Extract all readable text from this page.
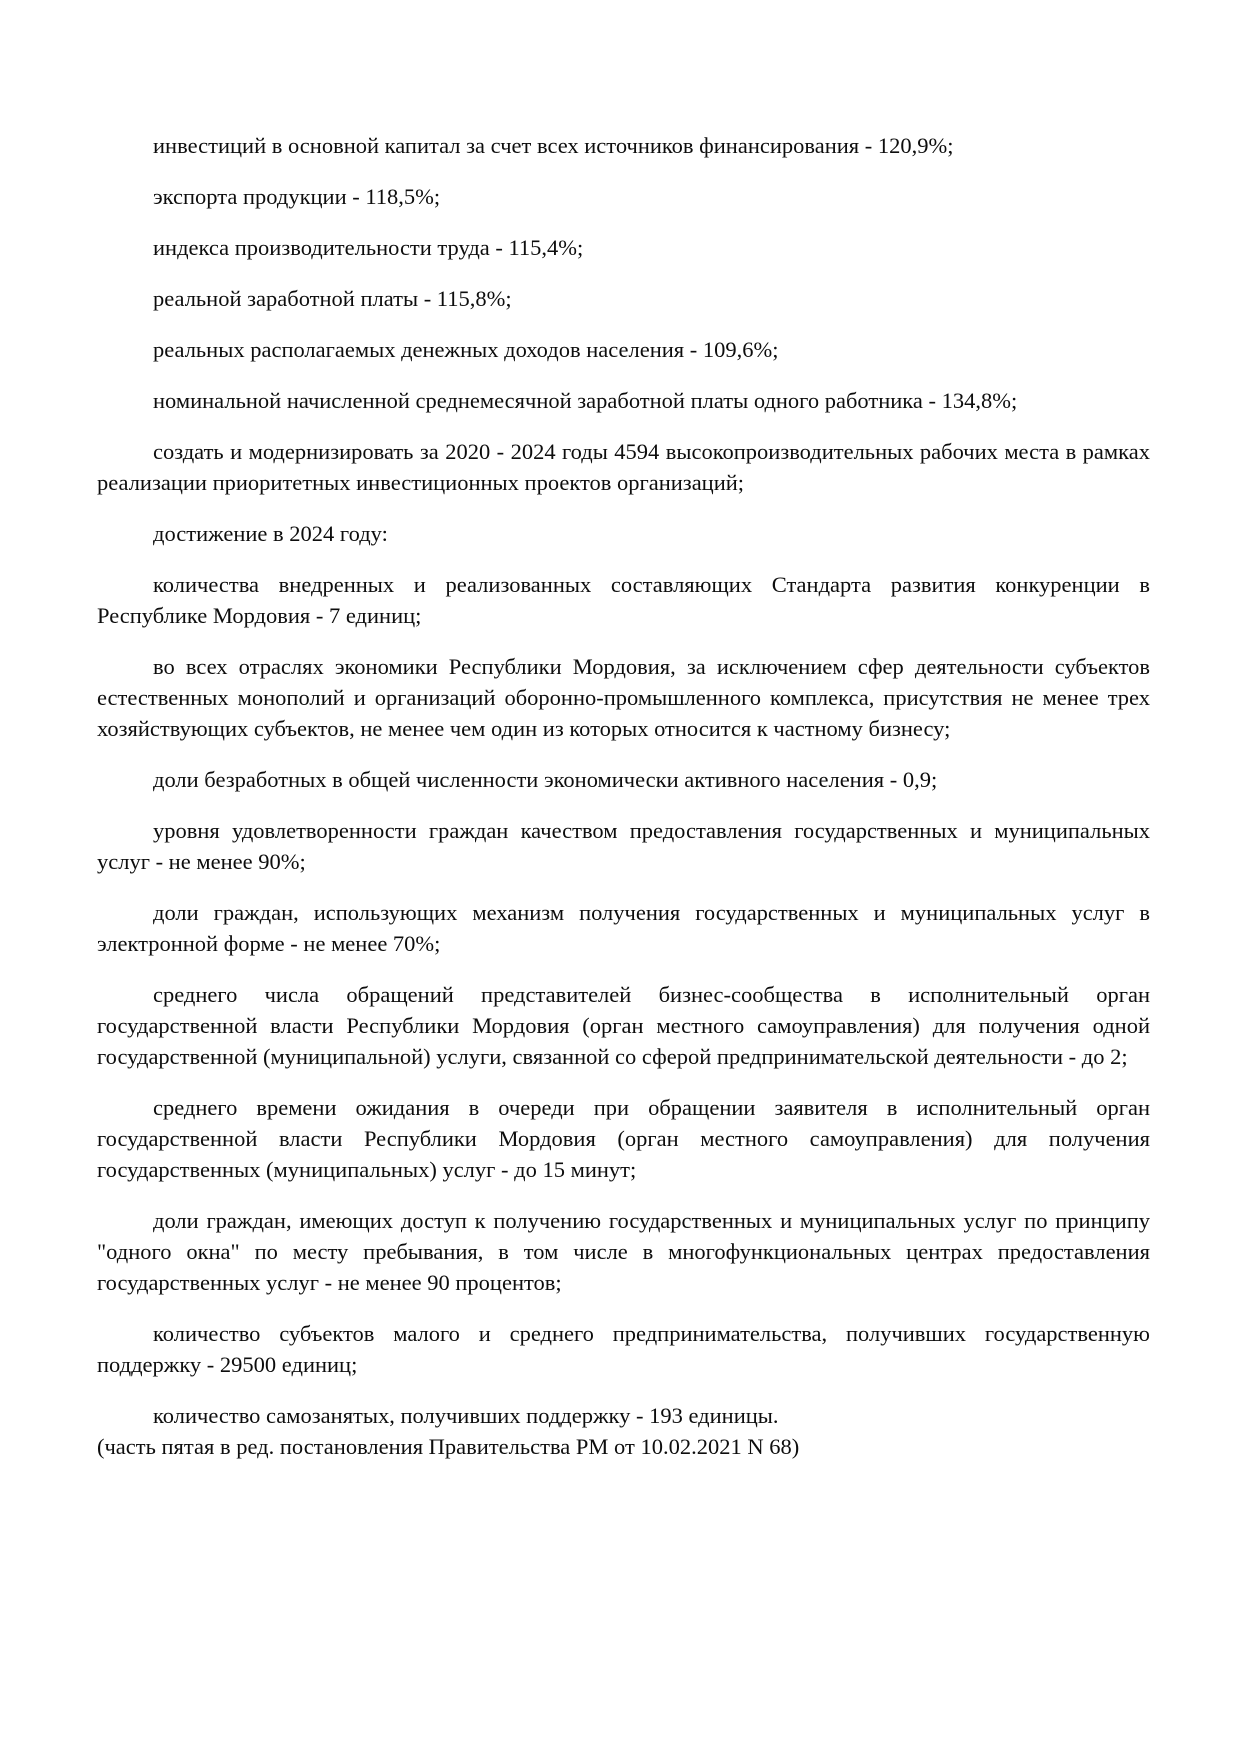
инвестиций в основной капитал за счет всех источников финансирования - 120,9%;

экспорта продукции - 118,5%;

индекса производительности труда - 115,4%;

реальной заработной платы - 115,8%;

реальных располагаемых денежных доходов населения - 109,6%;

номинальной начисленной среднемесячной заработной платы одного работника - 134,8%;

создать и модернизировать за 2020 - 2024 годы 4594 высокопроизводительных рабочих места в рамках реализации приоритетных инвестиционных проектов организаций;

достижение в 2024 году:

количества внедренных и реализованных составляющих Стандарта развития конкуренции в Республике Мордовия - 7 единиц;

во всех отраслях экономики Республики Мордовия, за исключением сфер деятельности субъектов естественных монополий и организаций оборонно-промышленного комплекса, присутствия не менее трех хозяйствующих субъектов, не менее чем один из которых относится к частному бизнесу;

доли безработных в общей численности экономически активного населения - 0,9;

уровня удовлетворенности граждан качеством предоставления государственных и муниципальных услуг - не менее 90%;

доли граждан, использующих механизм получения государственных и муниципальных услуг в электронной форме - не менее 70%;

среднего числа обращений представителей бизнес-сообщества в исполнительный орган государственной власти Республики Мордовия (орган местного самоуправления) для получения одной государственной (муниципальной) услуги, связанной со сферой предпринимательской деятельности - до 2;

среднего времени ожидания в очереди при обращении заявителя в исполнительный орган государственной власти Республики Мордовия (орган местного самоуправления) для получения государственных (муниципальных) услуг - до 15 минут;

доли граждан, имеющих доступ к получению государственных и муниципальных услуг по принципу "одного окна" по месту пребывания, в том числе в многофункциональных центрах предоставления государственных услуг - не менее 90 процентов;

количество субъектов малого и среднего предпринимательства, получивших государственную поддержку - 29500 единиц;

количество самозанятых, получивших поддержку - 193 единицы.

(часть пятая в ред. постановления Правительства РМ от 10.02.2021 N 68)
